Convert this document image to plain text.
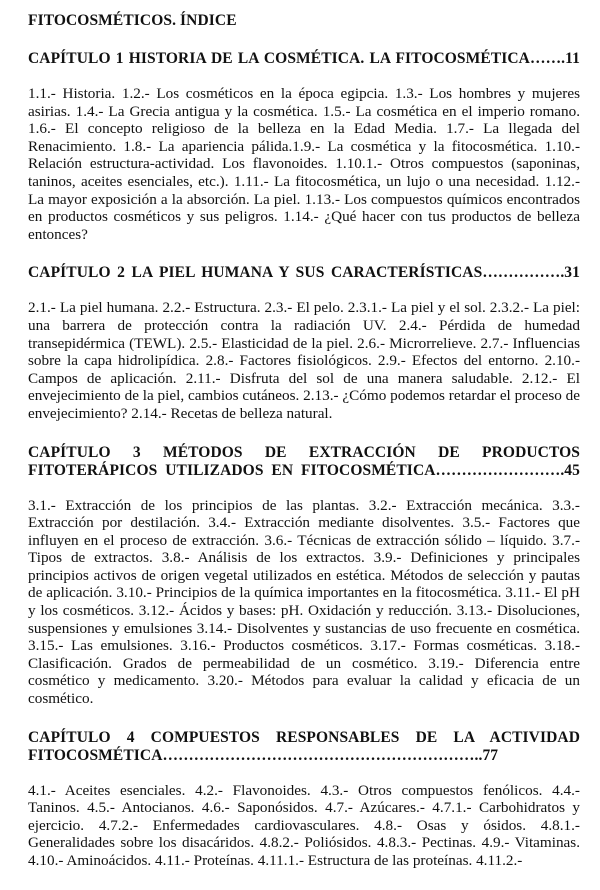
FITOCOSMÉTICOS. ÍNDICE
CAPÍTULO 1 HISTORIA DE LA COSMÉTICA. LA FITOCOSMÉTICA…….11
1.1.- Historia. 1.2.- Los cosméticos en la época egipcia. 1.3.- Los hombres y mujeres asirias. 1.4.- La Grecia antigua y la cosmética. 1.5.- La cosmética en el imperio romano. 1.6.- El concepto religioso de la belleza en la Edad Media. 1.7.- La llegada del Renacimiento. 1.8.- La apariencia pálida.1.9.- La cosmética y la fitocosmética. 1.10.- Relación estructura-actividad. Los flavonoides. 1.10.1.- Otros compuestos (saponinas, taninos, aceites esenciales, etc.). 1.11.- La fitocosmética, un lujo o una necesidad. 1.12.- La mayor exposición a la absorción. La piel. 1.13.- Los compuestos químicos encontrados en productos cosméticos y sus peligros. 1.14.- ¿Qué hacer con tus productos de belleza entonces?
CAPÍTULO 2 LA PIEL HUMANA Y SUS CARACTERÍSTICAS…………….31
2.1.- La piel humana. 2.2.- Estructura. 2.3.- El pelo. 2.3.1.- La piel y el sol. 2.3.2.- La piel: una barrera de protección contra la radiación UV. 2.4.- Pérdida de humedad transepidérmica (TEWL). 2.5.- Elasticidad de la piel. 2.6.- Microrrelieve. 2.7.- Influencias sobre la capa hidrolipídica. 2.8.- Factores fisiológicos. 2.9.- Efectos del entorno. 2.10.- Campos de aplicación. 2.11.- Disfruta del sol de una manera saludable. 2.12.- El envejecimiento de la piel, cambios cutáneos. 2.13.- ¿Cómo podemos retardar el proceso de envejecimiento? 2.14.- Recetas de belleza natural.
CAPÍTULO 3 MÉTODOS DE EXTRACCIÓN DE PRODUCTOS FITOTERÁPICOS UTILIZADOS EN FITOCOSMÉTICA…………………….45
3.1.- Extracción de los principios de las plantas. 3.2.- Extracción mecánica. 3.3.- Extracción por destilación. 3.4.- Extracción mediante disolventes. 3.5.- Factores que influyen en el proceso de extracción. 3.6.- Técnicas de extracción sólido – líquido. 3.7.- Tipos de extractos. 3.8.- Análisis de los extractos. 3.9.- Definiciones y principales principios activos de origen vegetal utilizados en estética. Métodos de selección y pautas de aplicación. 3.10.- Principios de la química importantes en la fitocosmética. 3.11.- El pH y los cosméticos. 3.12.- Ácidos y bases: pH. Oxidación y reducción. 3.13.- Disoluciones, suspensiones y emulsiones 3.14.- Disolventes y sustancias de uso frecuente en cosmética. 3.15.- Las emulsiones. 3.16.- Productos cosméticos. 3.17.- Formas cosméticas. 3.18.- Clasificación. Grados de permeabilidad de un cosmético. 3.19.- Diferencia entre cosmético y medicamento. 3.20.- Métodos para evaluar la calidad y eficacia de un cosmético.
CAPÍTULO 4 COMPUESTOS RESPONSABLES DE LA ACTIVIDAD FITOCOSMÉTICA……………………………………………………..77
4.1.- Aceites esenciales. 4.2.- Flavonoides. 4.3.- Otros compuestos fenólicos. 4.4.- Taninos. 4.5.- Antocianos. 4.6.- Saponósidos. 4.7.- Azúcares.- 4.7.1.- Carbohidratos y ejercicio. 4.7.2.- Enfermedades cardiovasculares. 4.8.- Osas y ósidos. 4.8.1.- Generalidades sobre los disacáridos. 4.8.2.- Poliósidos. 4.8.3.- Pectinas. 4.9.- Vitaminas. 4.10.- Aminoácidos. 4.11.- Proteínas. 4.11.1.- Estructura de las proteínas. 4.11.2.-
